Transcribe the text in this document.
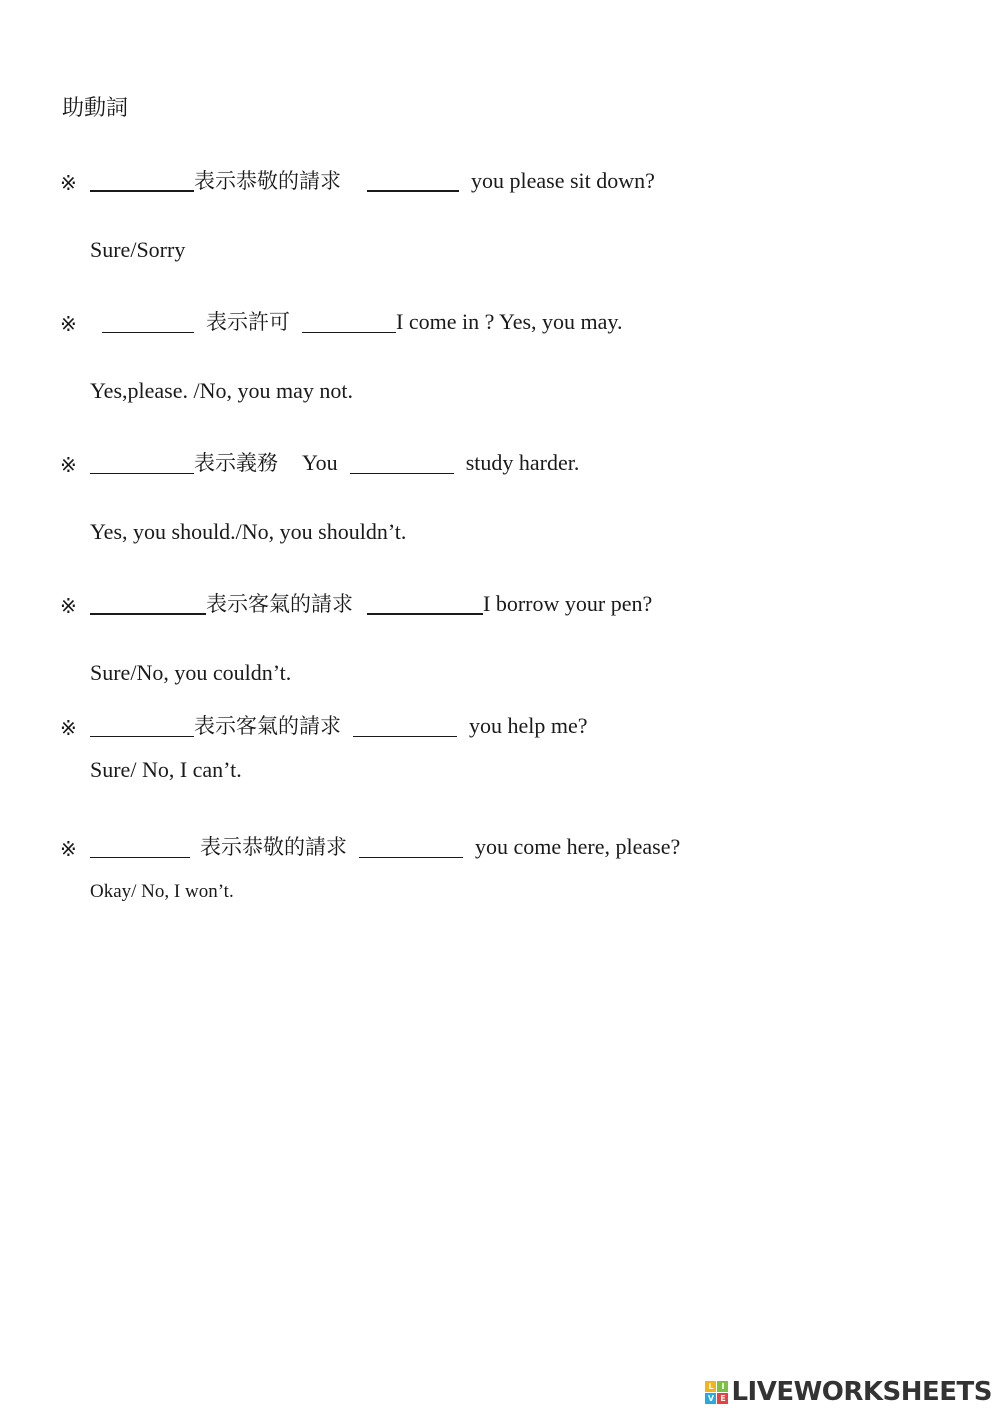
助動詞
※	表示恭敬的請求	you please sit down?
Sure/Sorry
※	表示許可	I come in ? Yes, you may.
Yes,please. /No, you may not.
※	表示義務 You	study harder.
Yes, you should./No, you shouldn’t.
※	表示客氣的請求	I borrow your pen?
Sure/No, you couldn’t.
※	表示客氣的請求	you help me?
Sure/ No, I can’t.
※	表示恭敬的請求	you come here, please?
Okay/ No, I won’t.
L I
V E LIVEWORKSHEETS
